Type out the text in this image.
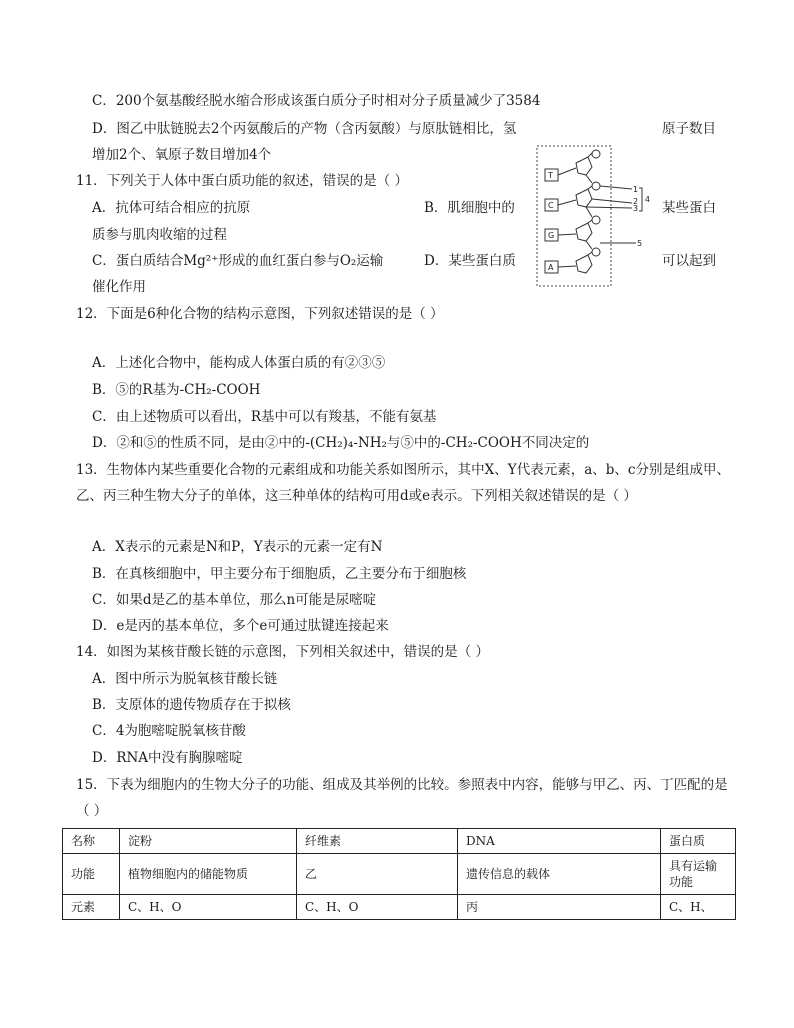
C．200个氨基酸经脱水缩合形成该蛋白质分子时相对分子质量减少了3584
D．图乙中肽链脱去2个丙氨酸后的产物（含丙氨酸）与原肽链相比，氢	原子数目
增加2个、氧原子数目增加4个
11．下列关于人体中蛋白质功能的叙述，错误的是（ ）
A．抗体可结合相应的抗原	B．肌细胞中的	某些蛋白
质参与肌肉收缩的过程
C．蛋白质结合Mg²⁺形成的血红蛋白参与O₂运输	D．某些蛋白质	可以起到
催化作用
T
C
G
A
1
2
3
4
5
12．下面是6种化合物的结构示意图，下列叙述错误的是（ ）
A．上述化合物中，能构成人体蛋白质的有②③⑤
B．⑤的R基为-CH₂-COOH
C．由上述物质可以看出，R基中可以有羧基，不能有氨基
D．②和⑤的性质不同，是由②中的-(CH₂)₄-NH₂与⑤中的-CH₂-COOH不同决定的
13．生物体内某些重要化合物的元素组成和功能关系如图所示，其中X、Y代表元素，a、b、c分别是组成甲、
乙、丙三种生物大分子的单体，这三种单体的结构可用d或e表示。下列相关叙述错误的是（ ）
A．X表示的元素是N和P，Y表示的元素一定有N
B．在真核细胞中，甲主要分布于细胞质，乙主要分布于细胞核
C．如果d是乙的基本单位，那么n可能是尿嘧啶
D．e是丙的基本单位，多个e可通过肽键连接起来
14．如图为某核苷酸长链的示意图，下列相关叙述中，错误的是（ ）
A．图中所示为脱氧核苷酸长链
B．支原体的遗传物质存在于拟核
C．4为胞嘧啶脱氧核苷酸
D．RNA中没有胸腺嘧啶
15．下表为细胞内的生物大分子的功能、组成及其举例的比较。参照表中内容，能够与甲乙、丙、丁匹配的是
（ ）
名称	淀粉	纤维素	DNA	蛋白质
功能	植物细胞内的储能物质	乙	遗传信息的载体	具有运输功能
元素	C、H、O	C、H、O	丙	C、H、
